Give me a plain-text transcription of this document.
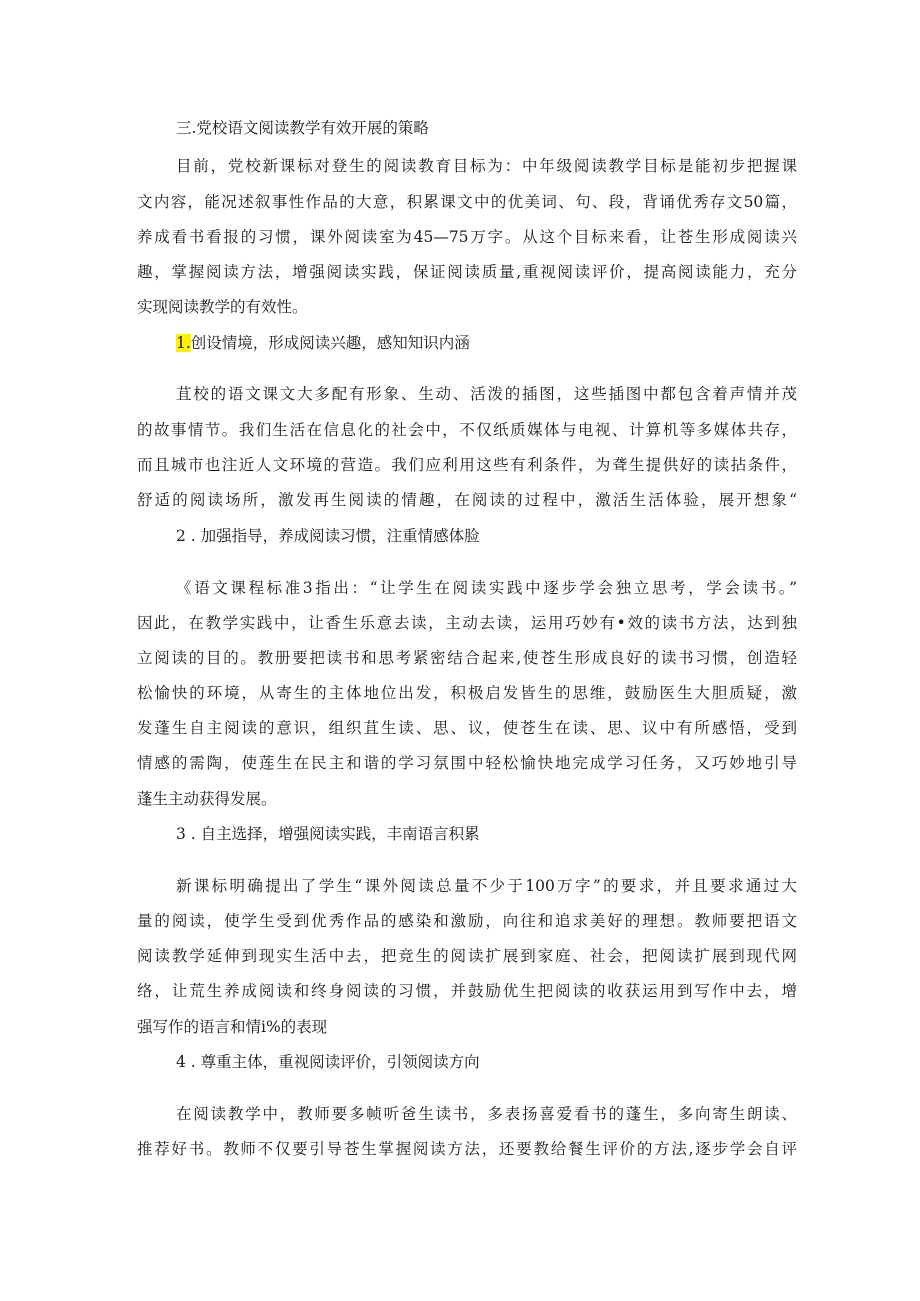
三.党校语文阅读教学有效开展的策略
目前，党校新课标对登生的阅读教育目标为：中年级阅读教学目标是能初步把握课
文内容，能况述叙事性作品的大意，积累课文中的优美词、句、段，背诵优秀存文50篇，
养成看书看报的习惯，课外阅读室为45—75万字。从这个目标来看，让苍生形成阅读兴
趣，掌握阅读方法，增强阅读实践，保证阅读质量,重视阅读评价，提高阅读能力，充分
实现阅读教学的有效性。
1.创设情境，形成阅读兴趣，感知知识内涵
苴校的语文课文大多配有形象、生动、活泼的插图，这些插图中都包含着声情并茂
的故事情节。我们生活在信息化的社会中，不仅纸质媒体与电视、计算机等多媒体共存，
而且城市也注近人文环境的营造。我们应利用这些有利条件，为聋生提供好的读拈条件，
舒适的阅读场所，激发再生阅读的情趣，在阅读的过程中，激活生活体验，展开想象“
2 . 加强指导，养成阅读习惯，注重情感体脸
《语文课程标准3指出：“让学生在阅读实践中逐步学会独立思考，学会读书。”
因此，在教学实践中，让香生乐意去读，主动去读，运用巧妙有•效的读书方法，达到独
立阅读的目的。教册要把读书和思考紧密结合起来,使苍生形成良好的读书习惯，创造轻
松愉快的环境，从寄生的主体地位出发，积极启发皆生的思维，鼓励医生大胆质疑，激
发蓬生自主阅读的意识，组织苴生读、思、议，使苍生在读、思、议中有所感悟，受到
情感的需陶，使莲生在民主和谐的学习氛围中轻松愉快地完成学习任务，又巧妙地引导
蓬生主动获得发展。
3 . 自主选择，增强阅读实践，丰南语言积累
新课标明确提出了学生“课外阅读总量不少于100万字”的要求，并且要求通过大
量的阅读，使学生受到优秀作品的感染和激励，向往和追求美好的理想。教师要把语文
阅读教学延伸到现实生活中去，把竞生的阅读扩展到家庭、社会，把阅读扩展到现代网
络，让荒生养成阅读和终身阅读的习惯，并鼓励优生把阅读的收获运用到写作中去，增
强写作的语言和情i%的表现
4 . 尊重主体，重视阅读评价，引领阅读方向
在阅读教学中，教师要多帧听爸生读书，多表扬喜爱看书的蓬生，多向寄生朗读、
推荐好书。教师不仅要引导苍生掌握阅读方法，还要教给餐生评价的方法,逐步学会自评
